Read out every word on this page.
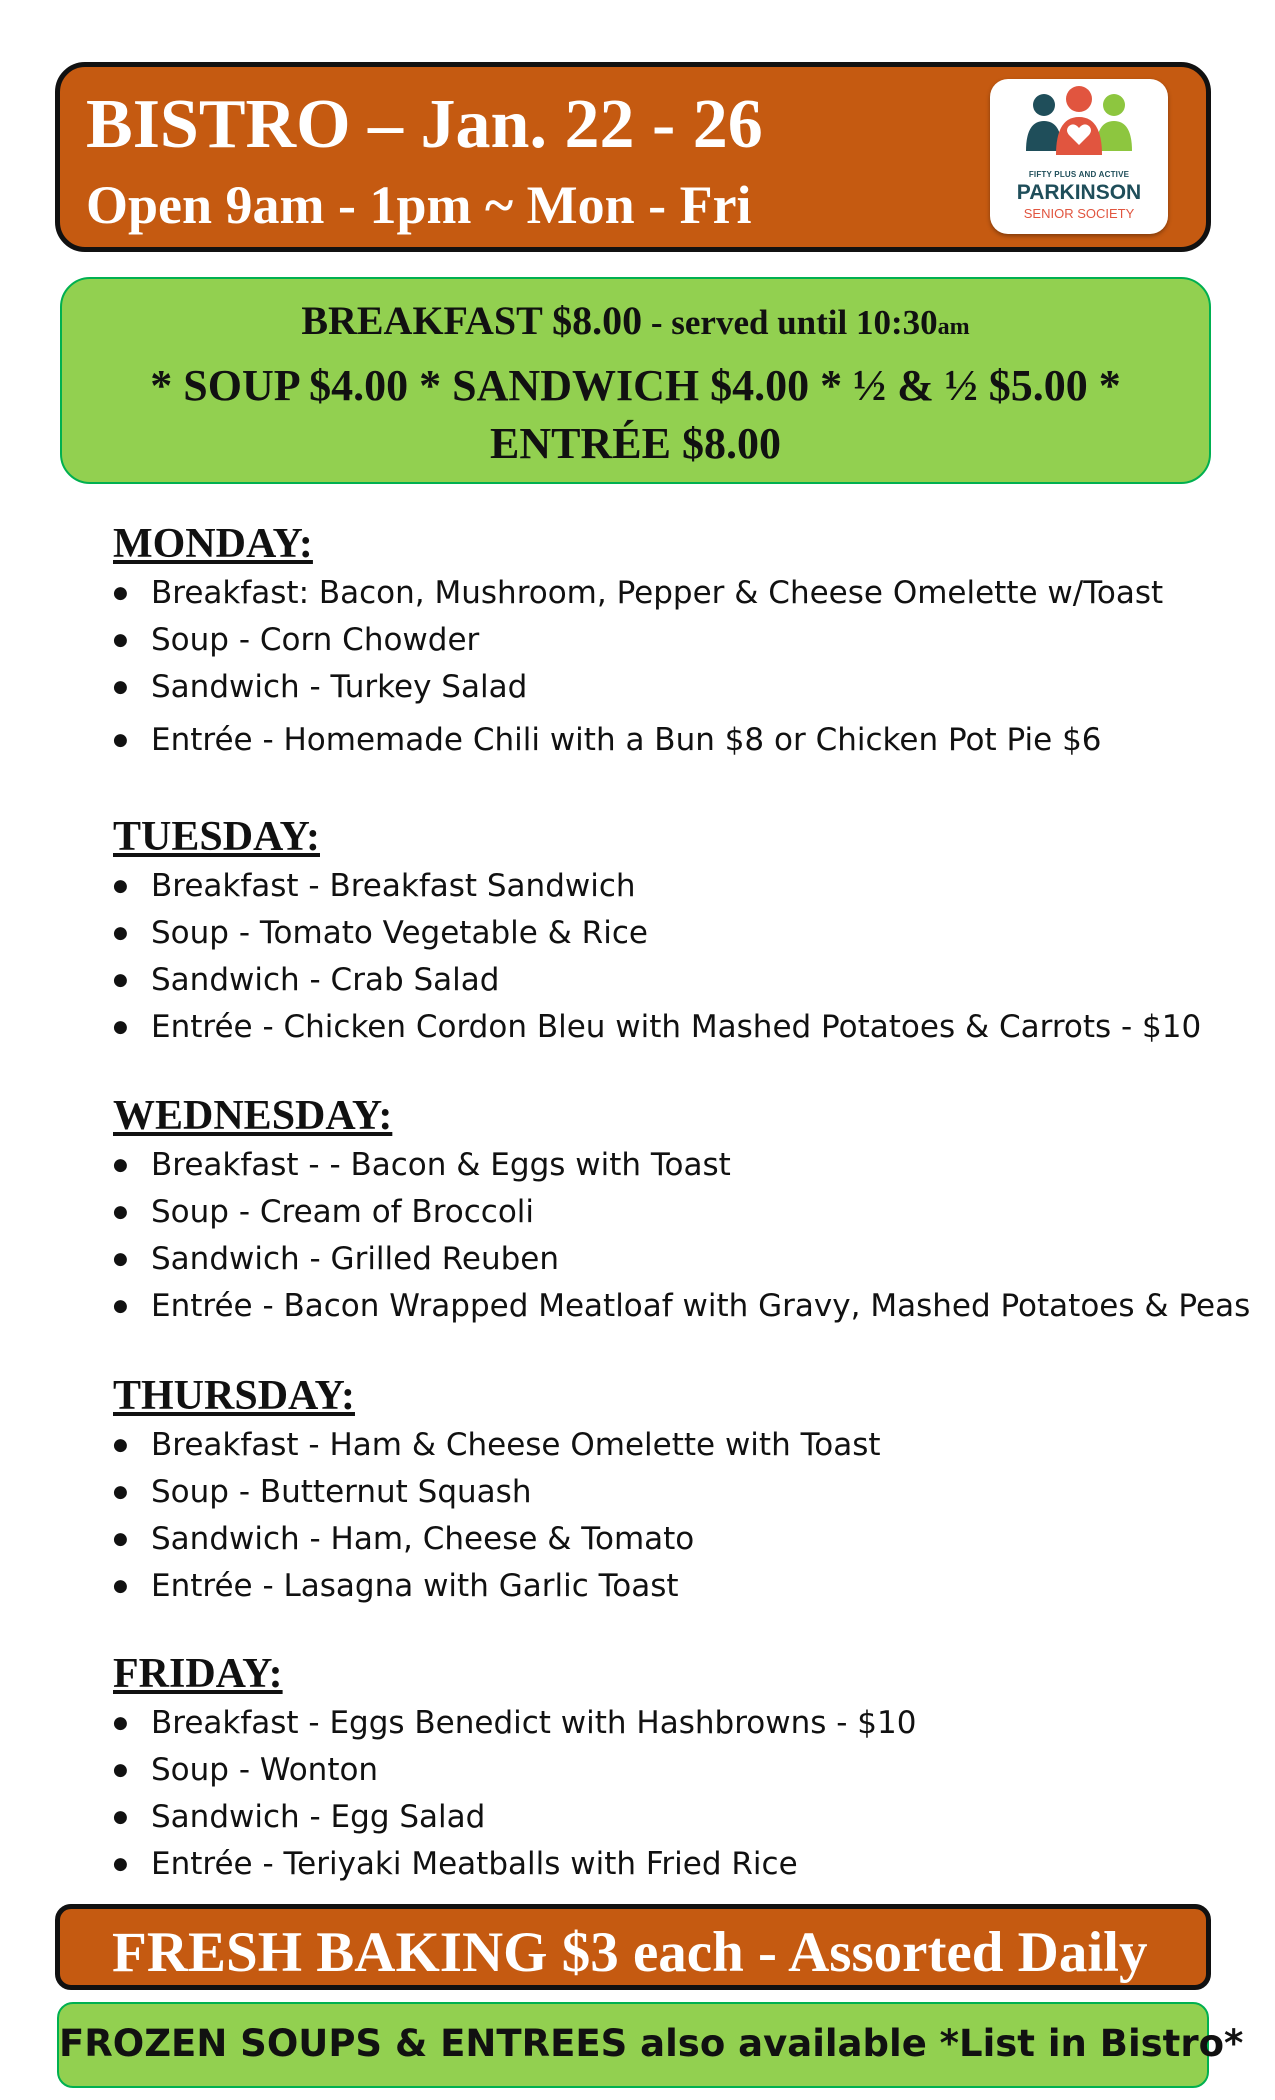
BISTRO – Jan. 22 - 26
Open 9am - 1pm ~ Mon - Fri
FIFTY PLUS AND ACTIVE
PARKINSON
SENIOR SOCIETY
BREAKFAST $8.00 - served until 10:30am
* SOUP $4.00 * SANDWICH $4.00 * ½ & ½ $5.00 *
ENTRÉE $8.00
MONDAY:
● Breakfast: Bacon, Mushroom, Pepper & Cheese Omelette w/Toast
● Soup - Corn Chowder
● Sandwich - Turkey Salad
● Entrée - Homemade Chili with a Bun $8 or Chicken Pot Pie $6
TUESDAY:
● Breakfast - Breakfast Sandwich
● Soup - Tomato Vegetable & Rice
● Sandwich - Crab Salad
● Entrée - Chicken Cordon Bleu with Mashed Potatoes & Carrots - $10
WEDNESDAY:
● Breakfast - - Bacon & Eggs with Toast
● Soup - Cream of Broccoli
● Sandwich - Grilled Reuben
● Entrée - Bacon Wrapped Meatloaf with Gravy, Mashed Potatoes & Peas
THURSDAY:
● Breakfast - Ham & Cheese Omelette with Toast
● Soup - Butternut Squash
● Sandwich - Ham, Cheese & Tomato
● Entrée - Lasagna with Garlic Toast
FRIDAY:
● Breakfast - Eggs Benedict with Hashbrowns - $10
● Soup - Wonton
● Sandwich - Egg Salad
● Entrée - Teriyaki Meatballs with Fried Rice
FRESH BAKING $3 each - Assorted Daily
FROZEN SOUPS & ENTREES also available *List in Bistro*
